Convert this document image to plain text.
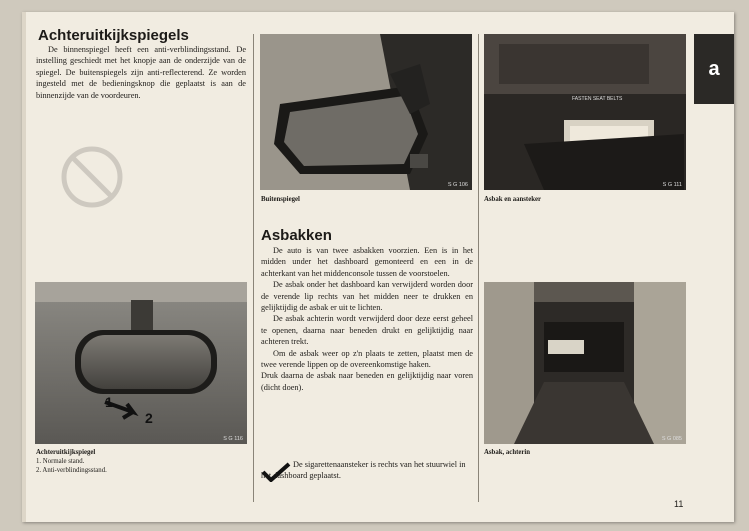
Achteruitkijkspiegels

De binnenspiegel heeft een anti-verblindingsstand. De instelling geschiedt met het knopje aan de onderzijde van de spiegel. De buitenspiegels zijn anti-reflecterend. Ze worden ingesteld met de bedieningsknop die geplaatst is aan de binnenzijde van de voordeuren.

1
2
S G 116

Achteruitkijkspiegel

1. Normale stand.
2. Anti-verblindingsstand.
S G 106

Buitenspiegel

Asbakken

De auto is van twee asbakken voorzien. Een is in het midden under het dashboard gemonteerd en een in de achterkant van het middenconsole tussen de voorstoelen.
De asbak onder het dashboard kan verwijderd worden door de verende lip rechts van het midden neer te drukken en gelijktijdig de asbak er uit te lichten.
De asbak achterin wordt verwijderd door deze eerst geheel te openen, daarna naar beneden drukt en gelijktijdig naar achteren trekt.
Om de asbak weer op z'n plaats te zetten, plaatst men de twee verende lippen op de overeenkomstige haken.
Druk daarna de asbak naar beneden en gelijktijdig naar voren (dicht doen).

De sigarettenaansteker is rechts van het stuurwiel in het dashboard geplaatst.

FASTEN SEAT BELTS
S G 111

Asbak en aansteker

S G 085

Asbak, achterin

a
11
